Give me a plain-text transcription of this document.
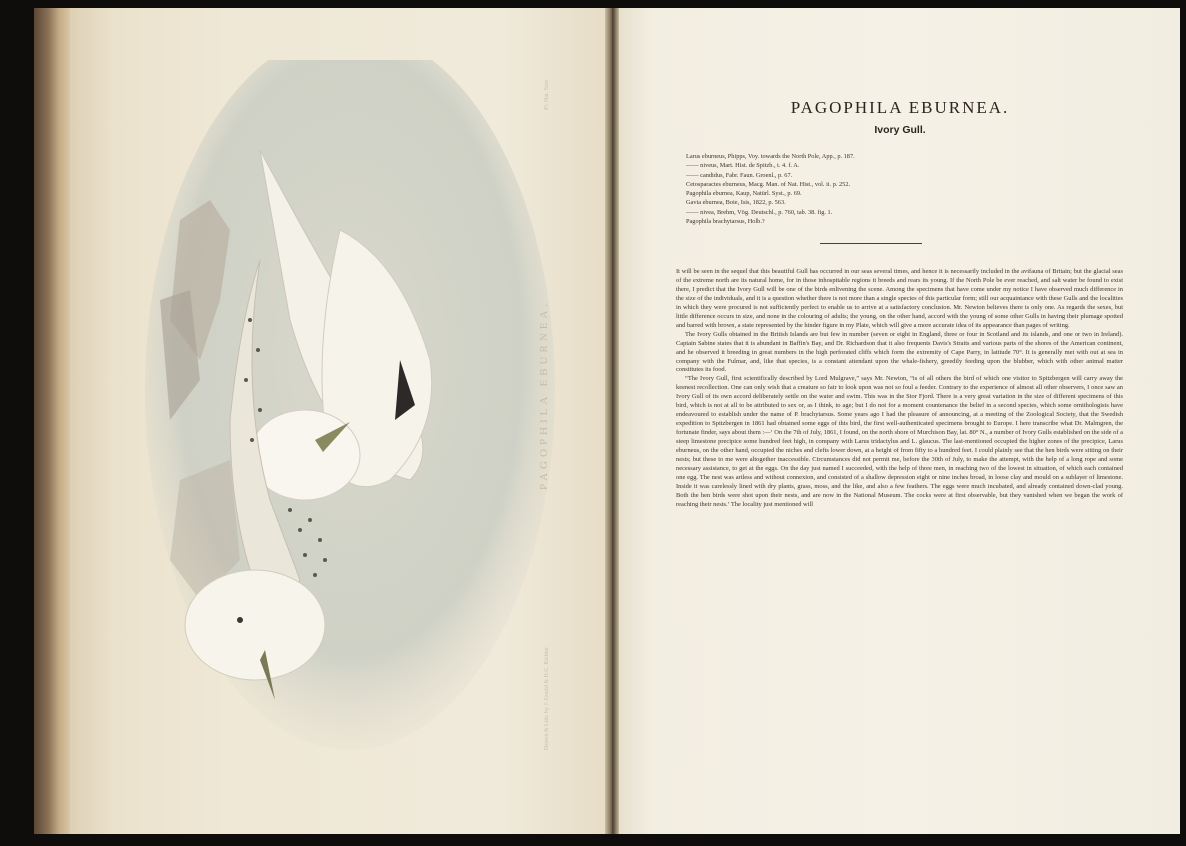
PAGOPHILA EBURNEA.
Pl. Nat. Size
Drawn & Lith. by J. Gould & H.C. Richter
PAGOPHILA EBURNEA.
Ivory Gull.
Larus eburneus, Phipps, Voy. towards the North Pole, App., p. 187.
—— niveus, Mart. Hist. de Spitzb., t. 4. f. A.
—— candidus, Fabr. Faun. Groenl., p. 67.
Cetosparactes eburneus, Macg. Man. of Nat. Hist., vol. ii. p. 252.
Pagophila eburnea, Kaup, Natürl. Syst., p. 69.
Gavia eburnea, Boie, Isis, 1822, p. 563.
—— nivea, Brehm, Vög. Deutschl., p. 760, tab. 38. fig. 1.
Pagophila brachytarsus, Holb.?

It will be seen in the sequel that this beautiful Gull has occurred in our seas several times, and hence it is necessarily included in the avifauna of Britain; but the glacial seas of the extreme north are its natural home, for in those inhospitable regions it breeds and rears its young. If the North Pole be ever reached, and salt water be found to exist there, I predict that the Ivory Gull will be one of the birds enlivening the scene. Among the specimens that have come under my notice I have observed much difference in the size of the individuals, and it is a question whether there is not more than a single species of this particular form; still our acquaintance with these Gulls and the localities in which they were procured is not sufficiently perfect to enable us to arrive at a satisfactory conclusion. Mr. Newton believes there is only one. As regards the sexes, but little difference occurs in size, and none in the colouring of adults; the young, on the other hand, accord with the young of some other Gulls in having their plumage spotted and barred with brown, a state represented by the hinder figure in my Plate, which will give a more accurate idea of its appearance than pages of writing.

The Ivory Gulls obtained in the British Islands are but few in number (seven or eight in England, three or four in Scotland and its islands, and one or two in Ireland). Captain Sabine states that it is abundant in Baffin's Bay, and Dr. Richardson that it also frequents Davis's Straits and various parts of the shores of the American continent, and he observed it breeding in great numbers in the high perforated cliffs which form the extremity of Cape Parry, in latitude 70°. It is generally met with out at sea in company with the Fulmar, and, like that species, is a constant attendant upon the whale-fishery, greedily feeding upon the blubber, which with other animal matter constitutes its food.

“The Ivory Gull, first scientifically described by Lord Mulgrave,” says Mr. Newton, “is of all others the bird of which one visitor to Spitzbergen will carry away the keenest recollection. One can only wish that a creature so fair to look upon was not so foul a feeder. Contrary to the experience of almost all other observers, I once saw an Ivory Gull of its own accord deliberately settle on the water and swim. This was in the Stor Fjord. There is a very great variation in the size of different specimens of this bird, which is not at all to be attributed to sex or, as I think, to age; but I do not for a moment countenance the belief in a second species, which some ornithologists have endeavoured to establish under the name of P. brachytarsus. Some years ago I had the pleasure of announcing, at a meeting of the Zoological Society, that the Swedish expedition to Spitzbergen in 1861 had obtained some eggs of this bird, the first well-authenticated specimens brought to Europe. I here transcribe what Dr. Malmgren, the fortunate finder, says about them :—‘ On the 7th of July, 1861, I found, on the north shore of Murchison Bay, lat. 80° N., a number of Ivory Gulls established on the side of a steep limestone precipice some hundred feet high, in company with Larus tridactylus and L. glaucus. The last-mentioned occupied the higher zones of the precipice, Larus eburneus, on the other hand, occupied the niches and clefts lower down, at a height of from fifty to a hundred feet. I could plainly see that the hen birds were sitting on their nests; but these to me were altogether inaccessible. Circumstances did not permit me, before the 30th of July, to make the attempt, with the help of a long rope and some necessary assistance, to get at the eggs. On the day just named I succeeded, with the help of three men, in reaching two of the lowest in situation, of which each contained one egg. The nest was artless and without connexion, and consisted of a shallow depression eight or nine inches broad, in loose clay and mould on a sublayer of limestone. Inside it was carelessly lined with dry plants, grass, moss, and the like, and also a few feathers. The eggs were much incubated, and already contained down-clad young. Both the hen birds were shot upon their nests, and are now in the National Museum. The cocks were at first observable, but they vanished when we began the work of reaching their nests.’ The locality just mentioned will
